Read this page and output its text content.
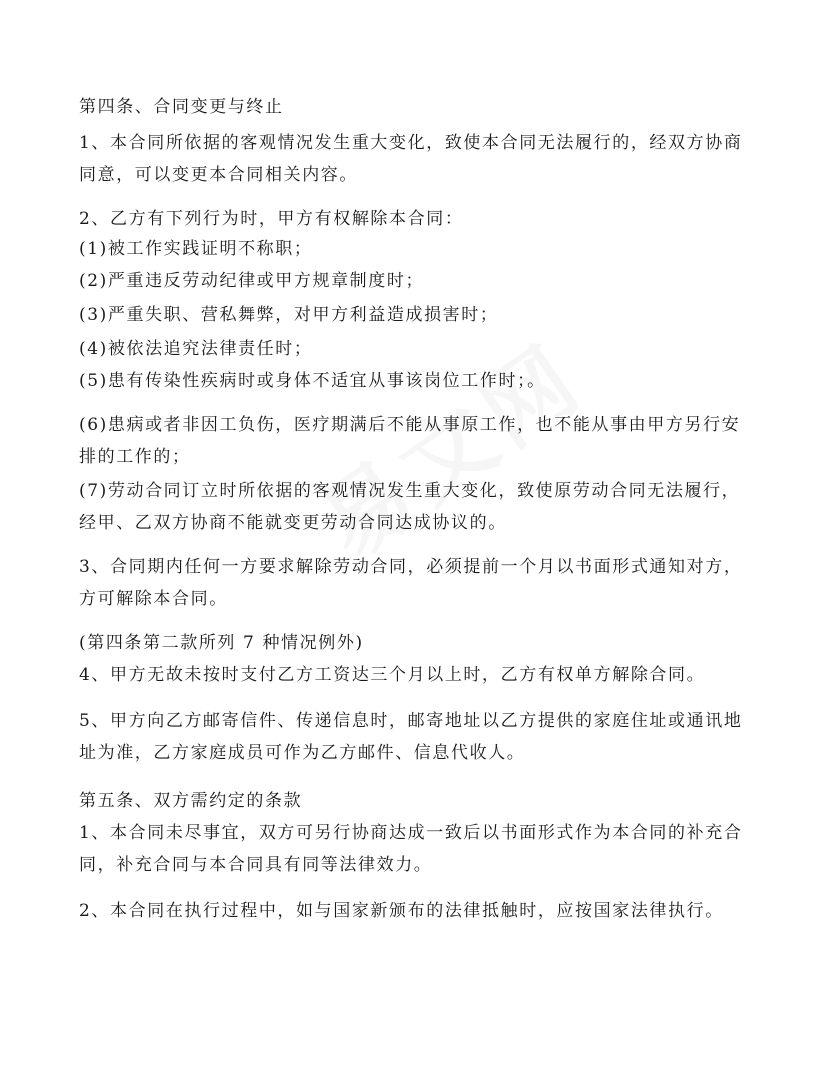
第四条、合同变更与终止
1、本合同所依据的客观情况发生重大变化，致使本合同无法履行的，经双方协商
同意，可以变更本合同相关内容。
2、乙方有下列行为时，甲方有权解除本合同：
(1)被工作实践证明不称职；
(2)严重违反劳动纪律或甲方规章制度时；
(3)严重失职、营私舞弊，对甲方利益造成损害时；
(4)被依法追究法律责任时；
(5)患有传染性疾病时或身体不适宜从事该岗位工作时；。
(6)患病或者非因工负伤，医疗期满后不能从事原工作，也不能从事由甲方另行安
排的工作的；
(7)劳动合同订立时所依据的客观情况发生重大变化，致使原劳动合同无法履行，
经甲、乙双方协商不能就变更劳动合同达成协议的。
3、合同期内任何一方要求解除劳动合同，必须提前一个月以书面形式通知对方，
方可解除本合同。
(第四条第二款所列 7 种情况例外)
4、甲方无故未按时支付乙方工资达三个月以上时，乙方有权单方解除合同。
5、甲方向乙方邮寄信件、传递信息时，邮寄地址以乙方提供的家庭住址或通讯地
址为准，乙方家庭成员可作为乙方邮件、信息代收人。
第五条、双方需约定的条款
1、本合同未尽事宜，双方可另行协商达成一致后以书面形式作为本合同的补充合
同，补充合同与本合同具有同等法律效力。
2、本合同在执行过程中，如与国家新颁布的法律抵触时，应按国家法律执行。
